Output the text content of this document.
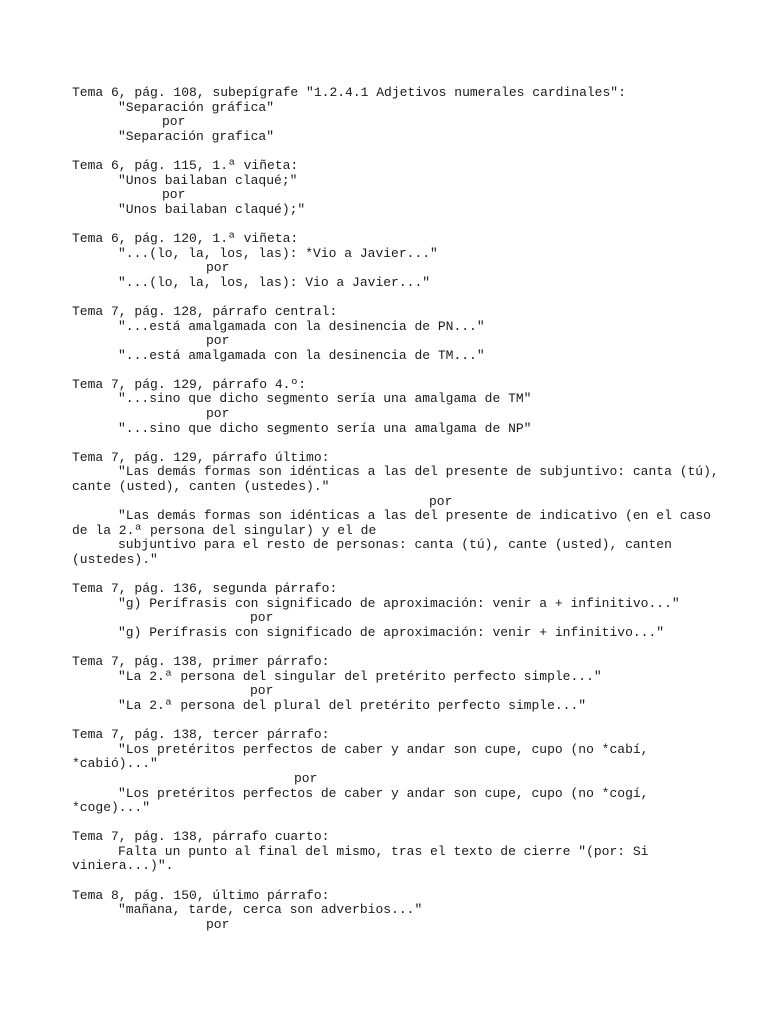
Tema 6, pág. 108, subepígrafe "1.2.4.1 Adjetivos numerales cardinales":
"Separación gráfica"
por
"Separación grafica"
Tema 6, pág. 115, 1.ª viñeta:
"Unos bailaban claqué;"
por
"Unos bailaban claqué);"
Tema 6, pág. 120, 1.ª viñeta:
"...(lo, la, los, las): *Vio a Javier..."
por
"...(lo, la, los, las): Vio a Javier..."
Tema 7, pág. 128, párrafo central:
"...está amalgamada con la desinencia de PN..."
por
"...está amalgamada con la desinencia de TM..."
Tema 7, pág. 129, párrafo 4.º:
"...sino que dicho segmento sería una amalgama de TM"
por
"...sino que dicho segmento sería una amalgama de NP"
Tema 7, pág. 129, párrafo último:
"Las demás formas son idénticas a las del presente de subjuntivo: canta (tú), cante (usted), canten (ustedes)."
por
"Las demás formas son idénticas a las del presente de indicativo (en el caso de la 2.ª persona del singular) y el de
subjuntivo para el resto de personas: canta (tú), cante (usted), canten (ustedes)."
Tema 7, pág. 136, segunda párrafo:
"g) Perífrasis con significado de aproximación: venir a + infinitivo..."
por
"g) Perífrasis con significado de aproximación: venir + infinitivo..."
Tema 7, pág. 138, primer párrafo:
"La 2.ª persona del singular del pretérito perfecto simple..."
por
"La 2.ª persona del plural del pretérito perfecto simple..."
Tema 7, pág. 138, tercer párrafo:
"Los pretéritos perfectos de caber y andar son cupe, cupo (no *cabí, *cabió)..."
por
"Los pretéritos perfectos de caber y andar son cupe, cupo (no *cogí, *coge)..."
Tema 7, pág. 138, párrafo cuarto:
Falta un punto al final del mismo, tras el texto de cierre "(por: Si viniera...)".
Tema 8, pág. 150, último párrafo:
"mañana, tarde, cerca son adverbios..."
por
